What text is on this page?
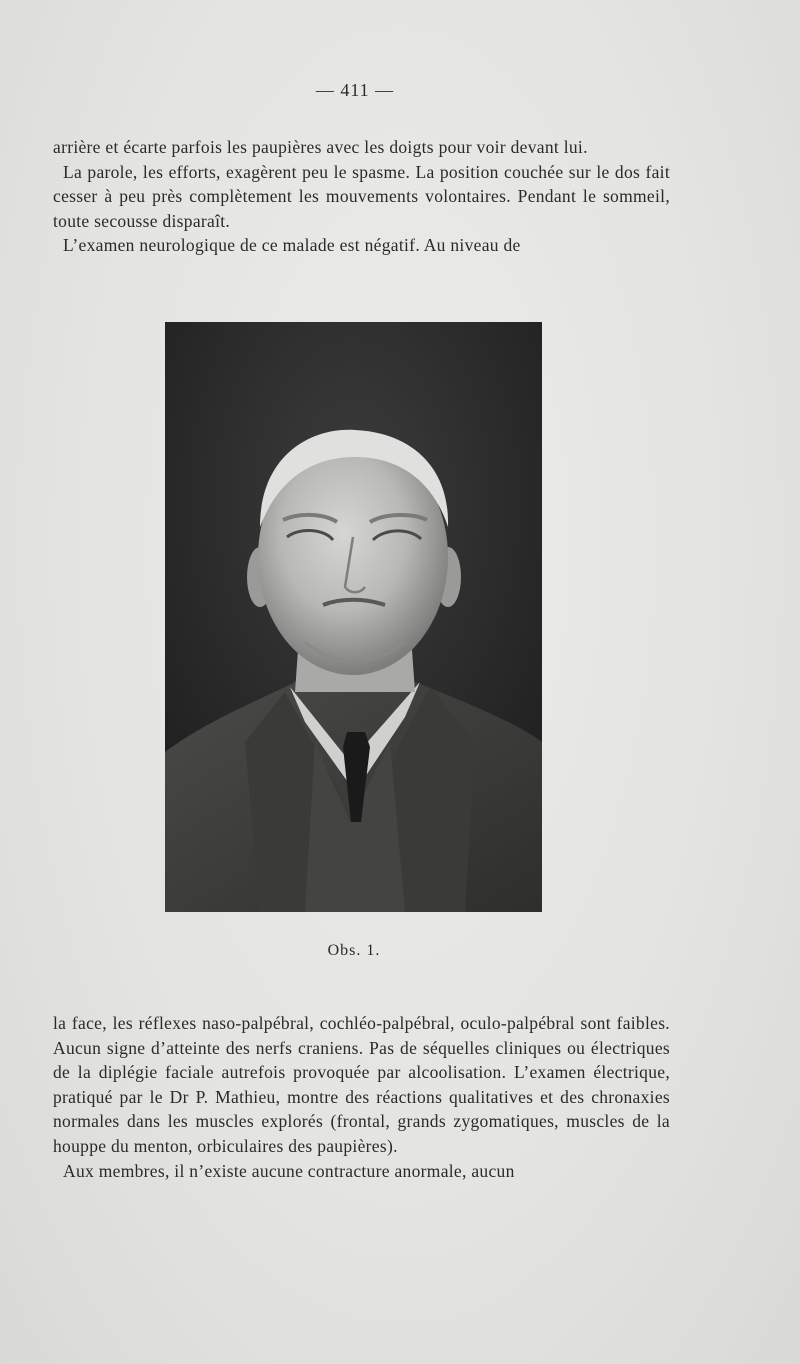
— 411 —

arrière et écarte parfois les paupières avec les doigts pour voir devant lui.

La parole, les efforts, exagèrent peu le spasme. La position couchée sur le dos fait cesser à peu près complètement les mouvements volontaires. Pendant le sommeil, toute secousse disparaît.

L’examen neurologique de ce malade est négatif. Au niveau de

Obs. 1.

la face, les réflexes naso-palpébral, cochléo-palpébral, oculo-palpébral sont faibles. Aucun signe d’atteinte des nerfs craniens. Pas de séquelles cliniques ou électriques de la diplégie faciale autrefois provoquée par alcoolisation. L’examen électrique, pratiqué par le Dr P. Mathieu, montre des réactions qualitatives et des chronaxies normales dans les muscles explorés (frontal, grands zygomatiques, muscles de la houppe du menton, orbiculaires des paupières).

Aux membres, il n’existe aucune contracture anormale, aucun
